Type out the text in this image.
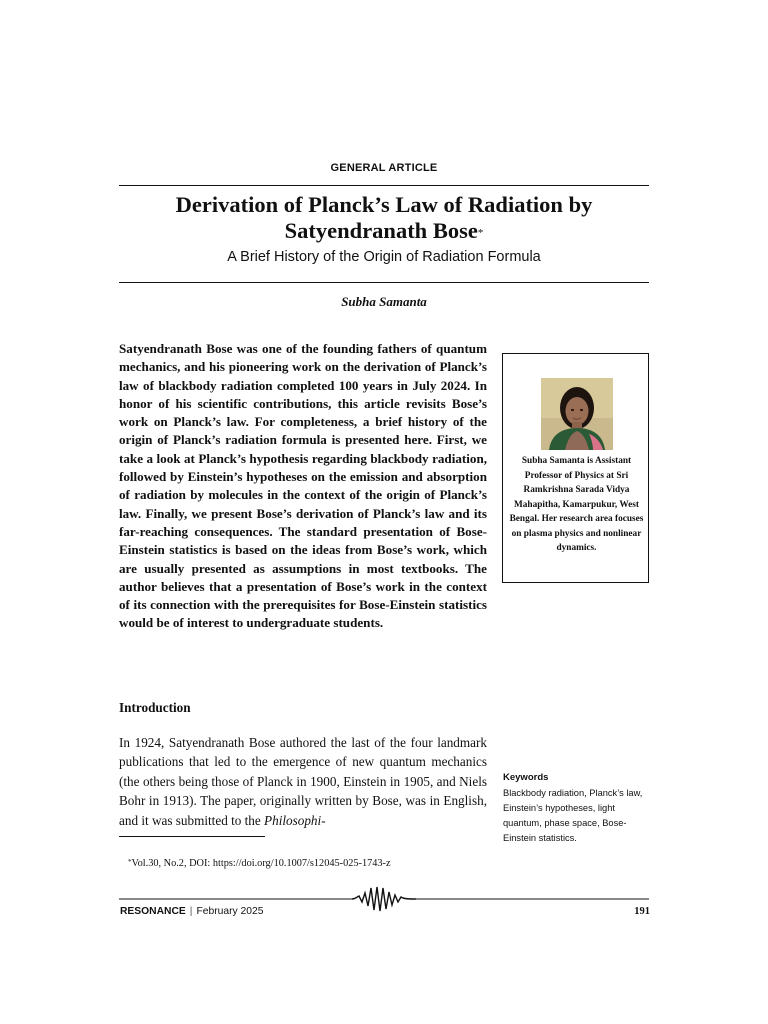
GENERAL ARTICLE
Derivation of Planck’s Law of Radiation by Satyendranath Bose*
A Brief History of the Origin of Radiation Formula
Subha Samanta
Satyendranath Bose was one of the founding fathers of quantum mechanics, and his pioneering work on the derivation of Planck’s law of blackbody radiation completed 100 years in July 2024. In honor of his scientific contributions, this article revisits Bose’s work on Planck’s law. For completeness, a brief history of the origin of Planck’s radiation formula is presented here. First, we take a look at Planck’s hypothesis regarding blackbody radiation, followed by Einstein’s hypotheses on the emission and absorption of radiation by molecules in the context of the origin of Planck’s law. Finally, we present Bose’s derivation of Planck’s law and its far-reaching consequences. The standard presentation of Bose-Einstein statistics is based on the ideas from Bose’s work, which are usually presented as assumptions in most textbooks. The author believes that a presentation of Bose’s work in the context of its connection with the prerequisites for Bose-Einstein statistics would be of interest to undergraduate students.
Subha Samanta is Assistant Professor of Physics at Sri Ramkrishna Sarada Vidya Mahapitha, Kamarpukur, West Bengal. Her research area focuses on plasma physics and nonlinear dynamics.
Introduction
In 1924, Satyendranath Bose authored the last of the four landmark publications that led to the emergence of new quantum mechanics (the others being those of Planck in 1900, Einstein in 1905, and Niels Bohr in 1913). The paper, originally written by Bose, was in English, and it was submitted to the Philosophi-
Keywords
Blackbody radiation, Planck’s law, Einstein’s hypotheses, light quantum, phase space, Bose-Einstein statistics.
*Vol.30, No.2, DOI: https://doi.org/10.1007/s12045-025-1743-z
RESONANCE | February 2025	191
